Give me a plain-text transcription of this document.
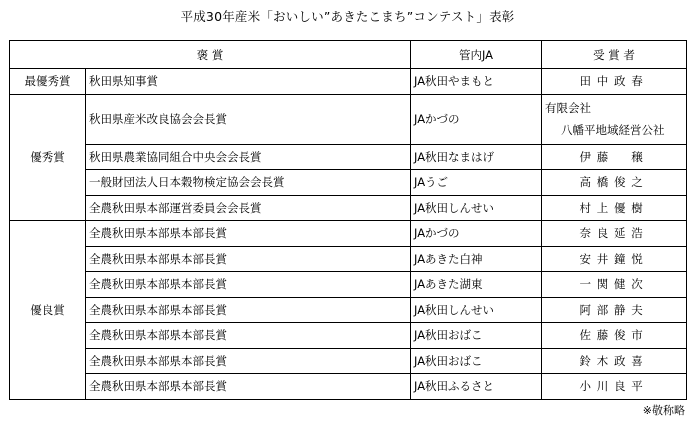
平成30年産米「おいしい”あきたこまち”コンテスト」表彰
褒 賞		管内JA	受 賞 者
最優秀賞	秋田県知事賞	JA秋田やまもと	田中政春
優秀賞	秋田県産米改良協会会長賞	JAかづの	有限会社
八幡平地域経営公社

	秋田県農業協同組合中央会会長賞	JA秋田なまはげ	伊藤　穣
	一般財団法人日本穀物検定協会会長賞	JAうご	高橋俊之
	全農秋田県本部運営委員会会長賞	JA秋田しんせい	村上優樹
優良賞	全農秋田県本部県本部長賞	JAかづの	奈良延浩
	全農秋田県本部県本部長賞	JAあきた白神	安井鐘悦
	全農秋田県本部県本部長賞	JAあきた湖東	一関健次
	全農秋田県本部県本部長賞	JA秋田しんせい	阿部静夫
	全農秋田県本部県本部長賞	JA秋田おばこ	佐藤俊市
	全農秋田県本部県本部長賞	JA秋田おばこ	鈴木政喜
	全農秋田県本部県本部長賞	JA秋田ふるさと	小川良平
※敬称略
